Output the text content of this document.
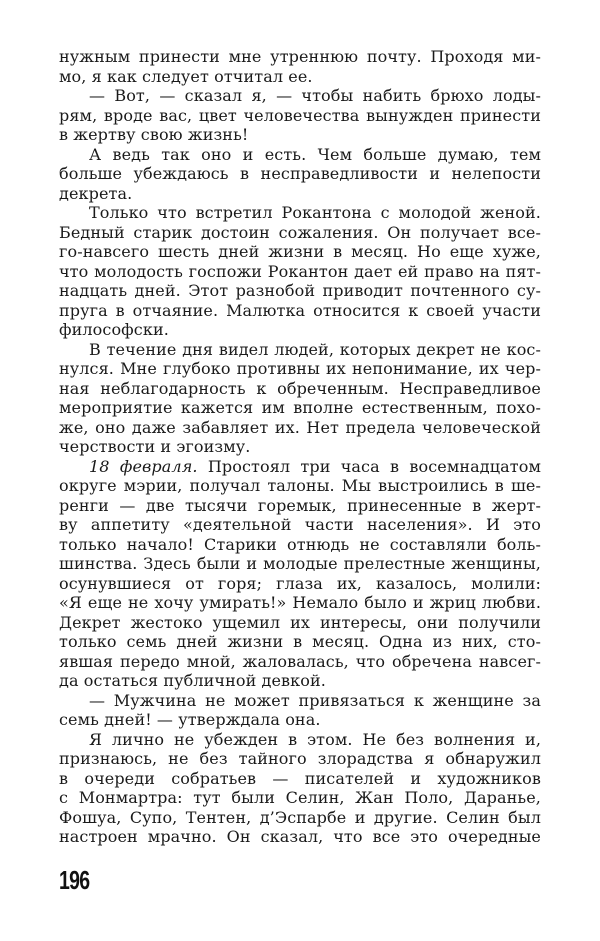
нужным принести мне утреннюю почту. Проходя ми-
мо, я как следует отчитал ее.
— Вот, — сказал я, — чтобы набить брюхо лоды-
рям, вроде вас, цвет человечества вынужден принести
в жертву свою жизнь!
А ведь так оно и есть. Чем больше думаю, тем
больше убеждаюсь в несправедливости и нелепости
декрета.
Только что встретил Рокантона с молодой женой.
Бедный старик достоин сожаления. Он получает все-
го-навсего шесть дней жизни в месяц. Но еще хуже,
что молодость госпожи Рокантон дает ей право на пят-
надцать дней. Этот разнобой приводит почтенного су-
пруга в отчаяние. Малютка относится к своей участи
философски.
В течение дня видел людей, которых декрет не кос-
нулся. Мне глубоко противны их непонимание, их чер-
ная неблагодарность к обреченным. Несправедливое
мероприятие кажется им вполне естественным, похо-
же, оно даже забавляет их. Нет предела человеческой
черствости и эгоизму.
18 февраля. Простоял три часа в восемнадцатом
округе мэрии, получал талоны. Мы выстроились в ше-
ренги — две тысячи горемык, принесенные в жерт-
ву аппетиту «деятельной части населения». И это
только начало! Старики отнюдь не составляли боль-
шинства. Здесь были и молодые прелестные женщины,
осунувшиеся от горя; глаза их, казалось, молили:
«Я еще не хочу умирать!» Немало было и жриц любви.
Декрет жестоко ущемил их интересы, они получили
только семь дней жизни в месяц. Одна из них, сто-
явшая передо мной, жаловалась, что обречена навсег-
да остаться публичной девкой.
— Мужчина не может привязаться к женщине за
семь дней! — утверждала она.
Я лично не убежден в этом. Не без волнения и,
признаюсь, не без тайного злорадства я обнаружил
в очереди собратьев — писателей и художников
с Монмартра: тут были Селин, Жан Поло, Даранье,
Фошуа, Супо, Тентен, д’Эспарбе и другие. Селин был
настроен мрачно. Он сказал, что все это очередные
196
